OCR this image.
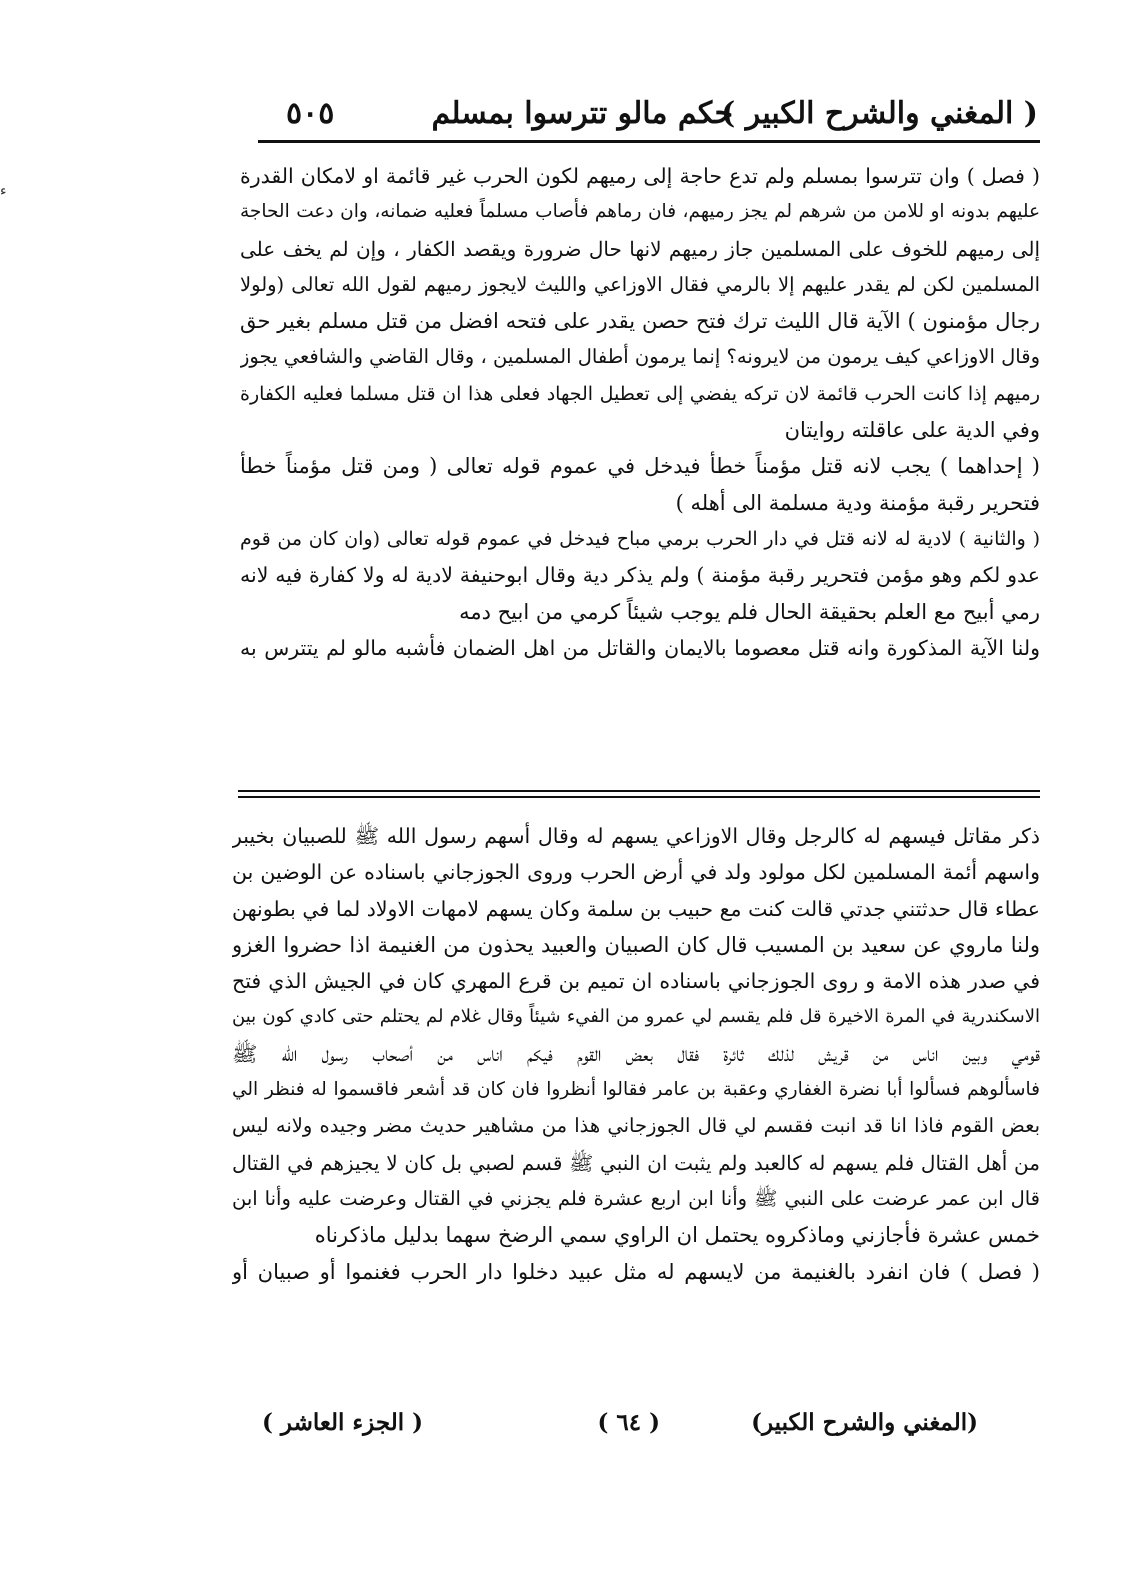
ء
( المغني والشرح الكبير )
حكم مالو تترسوا بمسلم
٥٠٥
( فصل ) وان تترسوا بمسلم ولم تدع حاجة إلى رميهم لكون الحرب غير قائمة او لامكان القدرة
عليهم بدونه او للامن من شرهم لم يجز رميهم، فان رماهم فأصاب مسلماً فعليه ضمانه، وان دعت الحاجة
إلى رميهم للخوف على المسلمين جاز رميهم لانها حال ضرورة ويقصد الكفار ، وإن لم يخف على
المسلمين لكن لم يقدر عليهم إلا بالرمي فقال الاوزاعي والليث لايجوز رميهم لقول الله تعالى (ولولا
رجال مؤمنون ) الآية قال الليث ترك فتح حصن يقدر على فتحه افضل من قتل مسلم بغير حق
وقال الاوزاعي كيف يرمون من لايرونه؟ إنما يرمون أطفال المسلمين ، وقال القاضي والشافعي يجوز
رميهم إذا كانت الحرب قائمة لان تركه يفضي إلى تعطيل الجهاد فعلى هذا ان قتل مسلما فعليه الكفارة
وفي الدية على عاقلته روايتان
( إحداهما ) يجب لانه قتل مؤمناً خطأ فيدخل في عموم قوله تعالى ( ومن قتل مؤمناً خطأ
فتحرير رقبة مؤمنة ودية مسلمة الى أهله )
( والثانية ) لادية له لانه قتل في دار الحرب برمي مباح فيدخل في عموم قوله تعالى (وان كان من قوم
عدو لكم وهو مؤمن فتحرير رقبة مؤمنة ) ولم يذكر دية وقال ابوحنيفة لادية له ولا كفارة فيه لانه
رمي أبيح مع العلم بحقيقة الحال فلم يوجب شيئاً كرمي من ابيح دمه
ولنا الآية المذكورة وانه قتل معصوما بالايمان والقاتل من اهل الضمان فأشبه مالو لم يتترس به
ذكر مقاتل فيسهم له كالرجل وقال الاوزاعي يسهم له وقال أسهم رسول الله ﷺ للصبيان بخيبر
واسهم أئمة المسلمين لكل مولود ولد في أرض الحرب وروى الجوزجاني باسناده عن الوضين بن
عطاء قال حدثتني جدتي قالت كنت مع حبيب بن سلمة وكان يسهم لامهات الاولاد لما في بطونهن
ولنا ماروي عن سعيد بن المسيب قال كان الصبيان والعبيد يحذون من الغنيمة اذا حضروا الغزو
في صدر هذه الامة و روى الجوزجاني باسناده ان تميم بن قرع المهري كان في الجيش الذي فتح
الاسكندرية في المرة الاخيرة قل فلم يقسم لي عمرو من الفيء شيئاً وقال غلام لم يحتلم حتى كادي كون بين
قومي وبين اناس من قريش لذلك ثائرة فقال بعض القوم فيكم اناس من أصحاب رسول الله ﷺ
فاسألوهم فسألوا أبا نضرة الغفاري وعقبة بن عامر فقالوا أنظروا فان كان قد أشعر فاقسموا له فنظر الي
بعض القوم فاذا انا قد انبت فقسم لي قال الجوزجاني هذا من مشاهير حديث مضر وجيده ولانه ليس
من أهل القتال فلم يسهم له كالعبد ولم يثبت ان النبي ﷺ قسم لصبي بل كان لا يجيزهم في القتال
قال ابن عمر عرضت على النبي ﷺ وأنا ابن اربع عشرة فلم يجزني في القتال وعرضت عليه وأنا ابن
خمس عشرة فأجازني وماذكروه يحتمل ان الراوي سمي الرضخ سهما بدليل ماذكرناه
( فصل ) فان انفرد بالغنيمة من لايسهم له مثل عبيد دخلوا دار الحرب فغنموا أو صبيان أو
(المغني والشرح الكبير)
( ٦٤ )
( الجزء العاشر )
